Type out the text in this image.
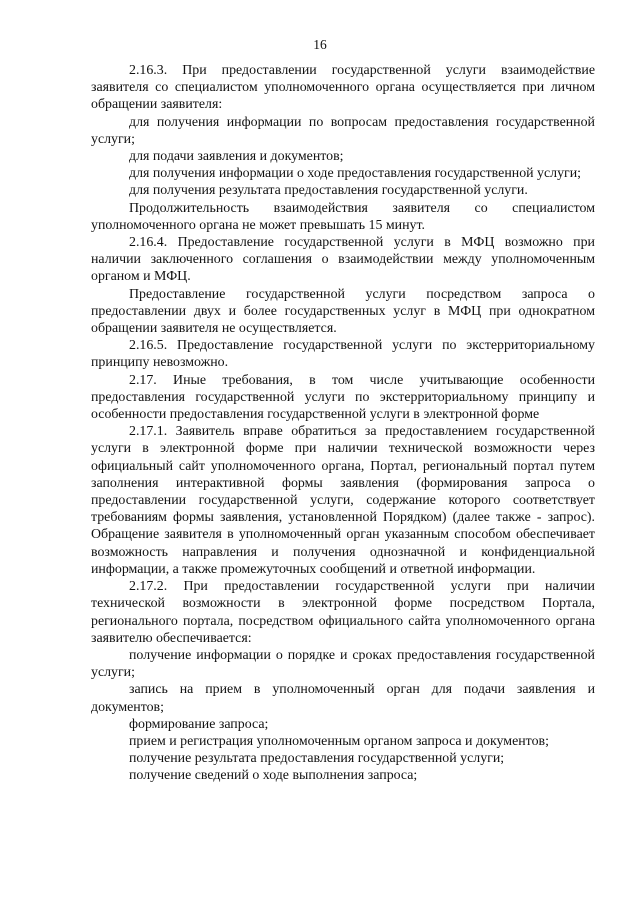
16

2.16.3. При предоставлении государственной услуги взаимодействие заявителя со специалистом уполномоченного органа осуществляется при личном обращении заявителя:

для получения информации по вопросам предоставления государственной услуги;

для подачи заявления и документов;

для получения информации о ходе предоставления государственной услуги;

для получения результата предоставления государственной услуги.

Продолжительность взаимодействия заявителя со специалистом уполномоченного органа не может превышать 15 минут.

2.16.4. Предоставление государственной услуги в МФЦ возможно при наличии заключенного соглашения о взаимодействии между уполномоченным органом и МФЦ.

Предоставление государственной услуги посредством запроса о предоставлении двух и более государственных услуг в МФЦ при однократном обращении заявителя не осуществляется.

2.16.5. Предоставление государственной услуги по экстерриториальному принципу невозможно.

2.17. Иные требования, в том числе учитывающие особенности предоставления государственной услуги по экстерриториальному принципу и особенности предоставления государственной услуги в электронной форме

2.17.1. Заявитель вправе обратиться за предоставлением государственной услуги в электронной форме при наличии технической возможности через официальный сайт уполномоченного органа, Портал, региональный портал путем заполнения интерактивной формы заявления (формирования запроса о предоставлении государственной услуги, содержание которого соответствует требованиям формы заявления, установленной Порядком) (далее также - запрос). Обращение заявителя в уполномоченный орган указанным способом обеспечивает возможность направления и получения однозначной и конфиденциальной информации, а также промежуточных сообщений и ответной информации.

2.17.2. При предоставлении государственной услуги при наличии технической возможности в электронной форме посредством Портала, регионального портала, посредством официального сайта уполномоченного органа заявителю обеспечивается:

получение информации о порядке и сроках предоставления государственной услуги;

запись на прием в уполномоченный орган для подачи заявления и документов;

формирование запроса;

прием и регистрация уполномоченным органом запроса и документов;

получение результата предоставления государственной услуги;

получение сведений о ходе выполнения запроса;
